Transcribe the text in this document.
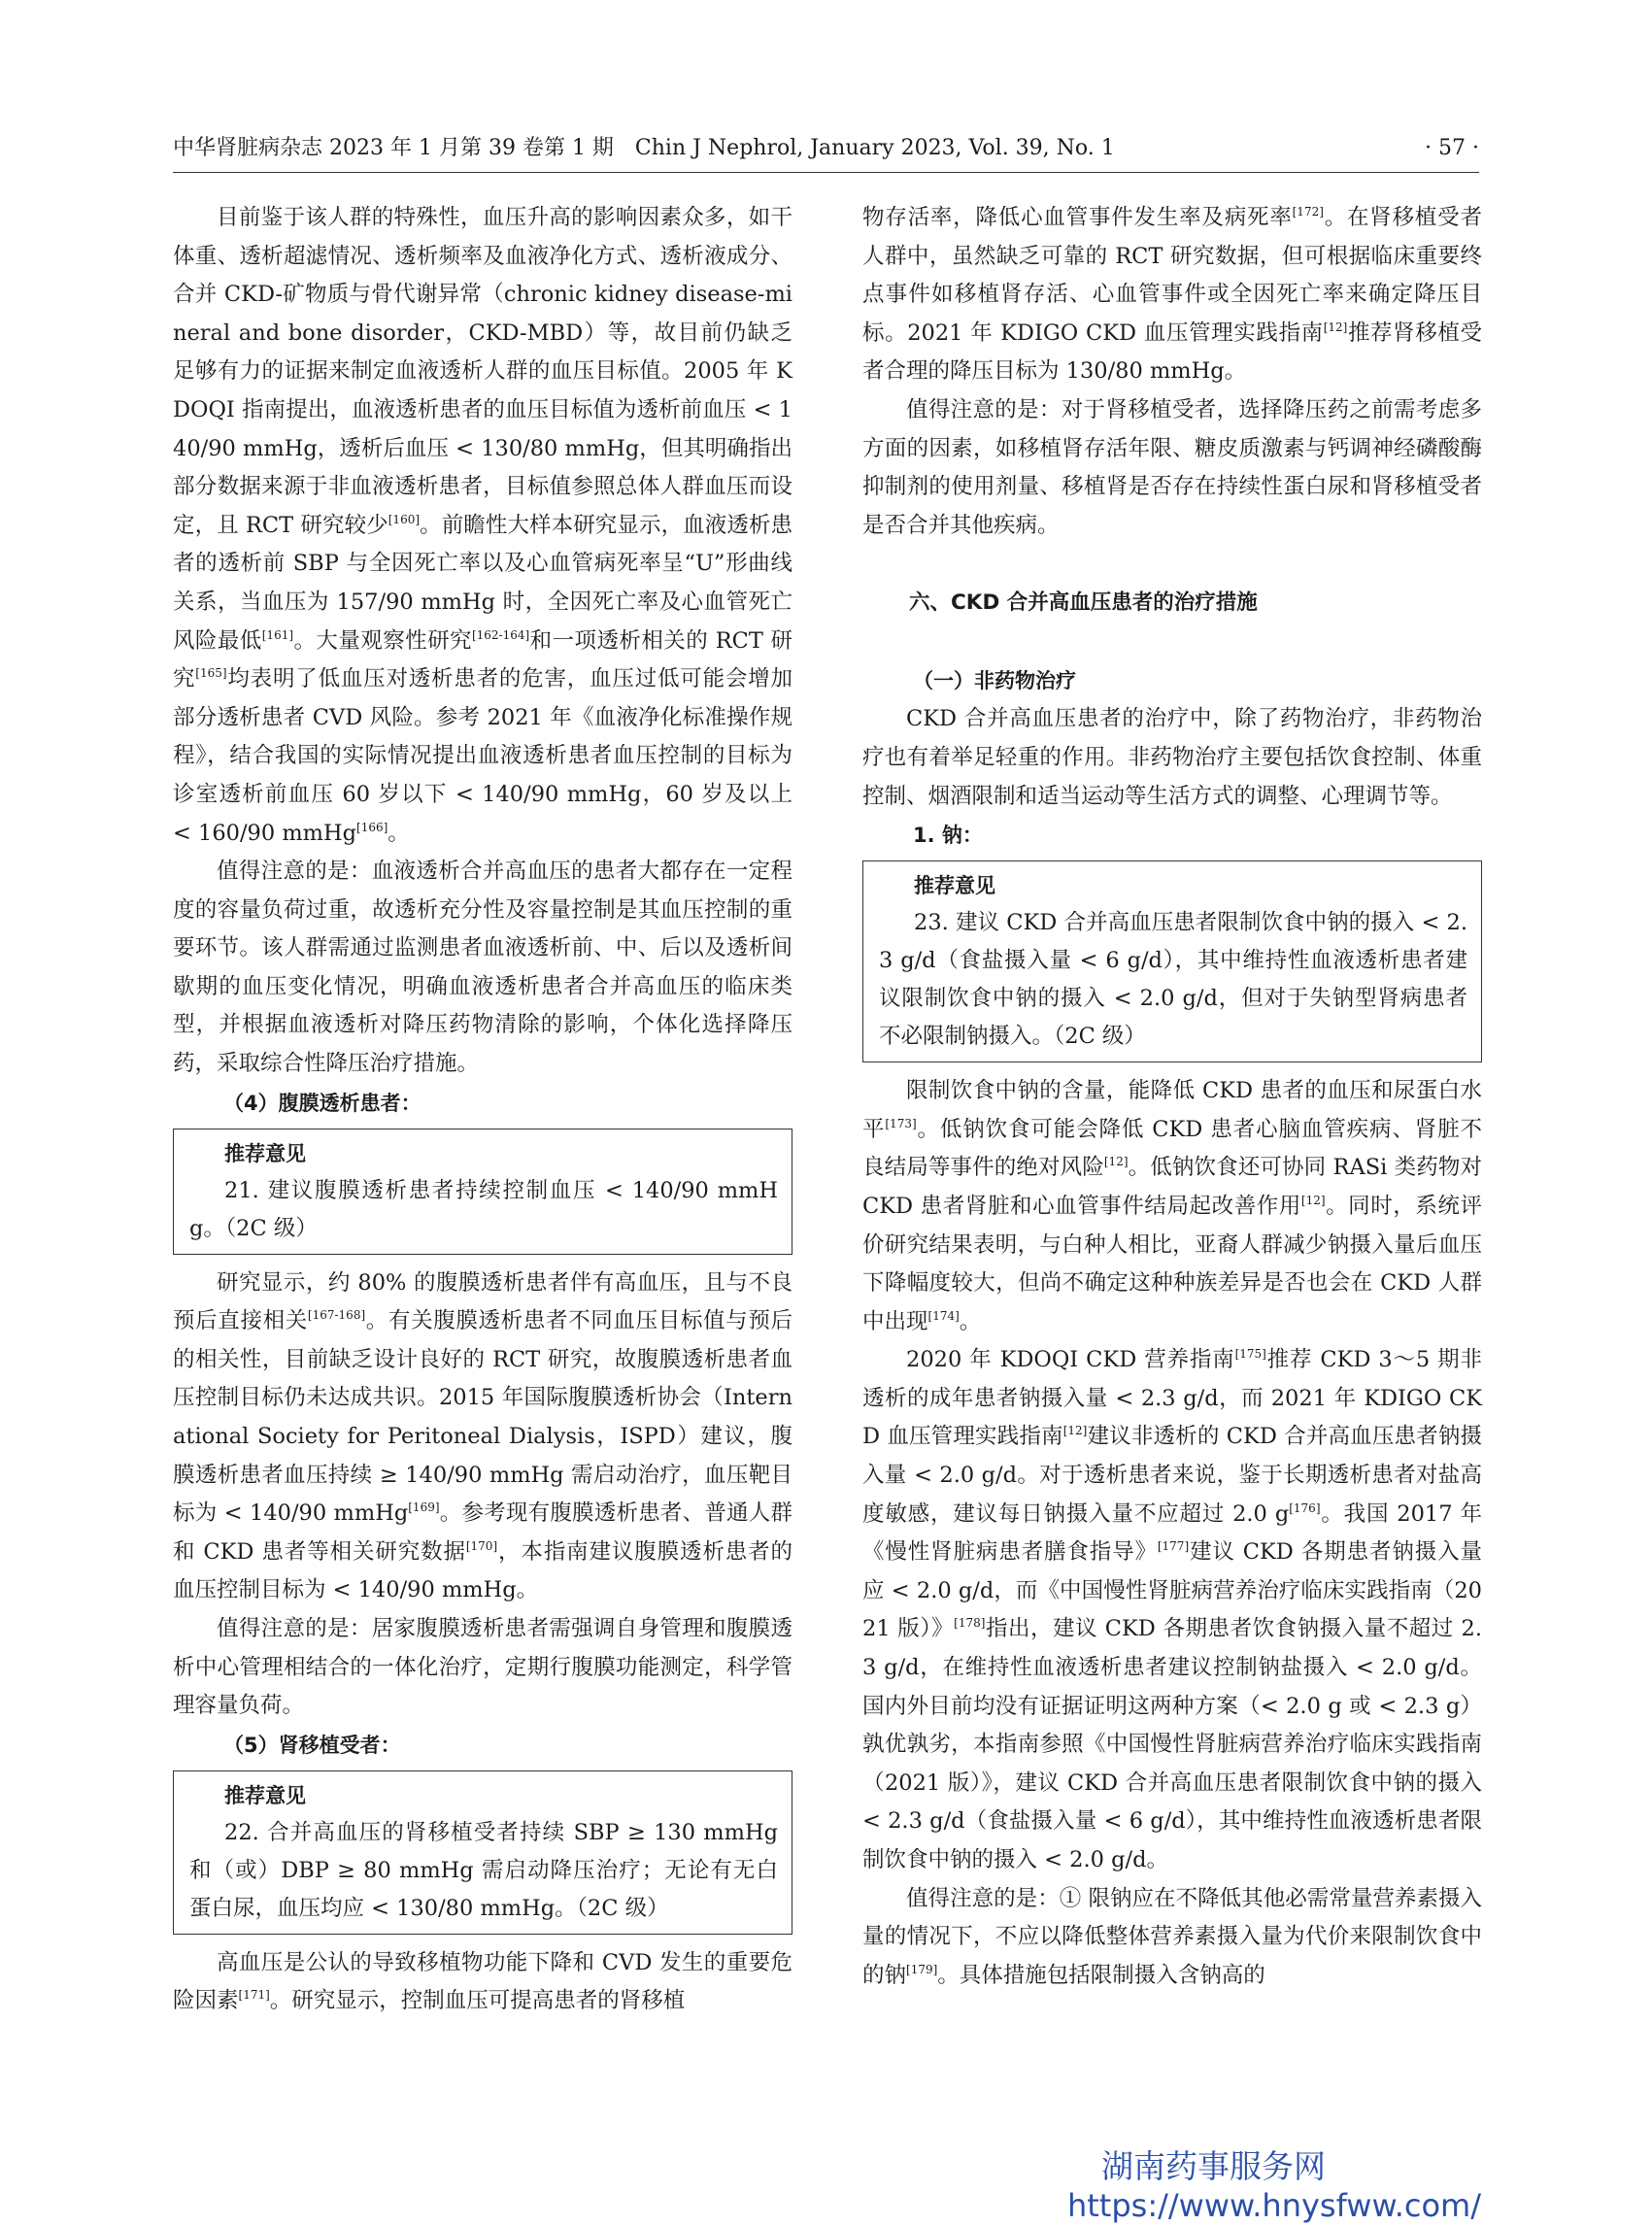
中华肾脏病杂志 2023 年 1 月第 39 卷第 1 期　Chin J Nephrol, January 2023, Vol. 39, No. 1	· 57 ·

目前鉴于该人群的特殊性，血压升高的影响因素众多，如干体重、透析超滤情况、透析频率及血液净化方式、透析液成分、合并 CKD-矿物质与骨代谢异常（chronic kidney disease-mineral and bone disorder，CKD-MBD）等，故目前仍缺乏足够有力的证据来制定血液透析人群的血压目标值。2005 年 KDOQI 指南提出，血液透析患者的血压目标值为透析前血压 < 140/90 mmHg，透析后血压 < 130/80 mmHg，但其明确指出部分数据来源于非血液透析患者，目标值参照总体人群血压而设定，且 RCT 研究较少[160]。前瞻性大样本研究显示，血液透析患者的透析前 SBP 与全因死亡率以及心血管病死率呈“U”形曲线关系，当血压为 157/90 mmHg 时，全因死亡率及心血管死亡风险最低[161]。大量观察性研究[162-164]和一项透析相关的 RCT 研究[165]均表明了低血压对透析患者的危害，血压过低可能会增加部分透析患者 CVD 风险。参考 2021 年《血液净化标准操作规程》，结合我国的实际情况提出血液透析患者血压控制的目标为诊室透析前血压 60 岁以下 < 140/90 mmHg，60 岁及以上 < 160/90 mmHg[166]。

值得注意的是：血液透析合并高血压的患者大都存在一定程度的容量负荷过重，故透析充分性及容量控制是其血压控制的重要环节。该人群需通过监测患者血液透析前、中、后以及透析间歇期的血压变化情况，明确血液透析患者合并高血压的临床类型，并根据血液透析对降压药物清除的影响，个体化选择降压药，采取综合性降压治疗措施。

（4）腹膜透析患者：
推荐意见
21. 建议腹膜透析患者持续控制血压 < 140/90 mmHg。（2C 级）

研究显示，约 80% 的腹膜透析患者伴有高血压，且与不良预后直接相关[167-168]。有关腹膜透析患者不同血压目标值与预后的相关性，目前缺乏设计良好的 RCT 研究，故腹膜透析患者血压控制目标仍未达成共识。2015 年国际腹膜透析协会（International Society for Peritoneal Dialysis，ISPD）建议，腹膜透析患者血压持续 ≥ 140/90 mmHg 需启动治疗，血压靶目标为 < 140/90 mmHg[169]。参考现有腹膜透析患者、普通人群和 CKD 患者等相关研究数据[170]，本指南建议腹膜透析患者的血压控制目标为 < 140/90 mmHg。

值得注意的是：居家腹膜透析患者需强调自身管理和腹膜透析中心管理相结合的一体化治疗，定期行腹膜功能测定，科学管理容量负荷。

（5）肾移植受者：
推荐意见
22. 合并高血压的肾移植受者持续 SBP ≥ 130 mmHg 和（或）DBP ≥ 80 mmHg 需启动降压治疗；无论有无白蛋白尿，血压均应 < 130/80 mmHg。（2C 级）

高血压是公认的导致移植物功能下降和 CVD 发生的重要危险因素[171]。研究显示，控制血压可提高患者的肾移植

物存活率，降低心血管事件发生率及病死率[172]。在肾移植受者人群中，虽然缺乏可靠的 RCT 研究数据，但可根据临床重要终点事件如移植肾存活、心血管事件或全因死亡率来确定降压目标。2021 年 KDIGO CKD 血压管理实践指南[12]推荐肾移植受者合理的降压目标为 130/80 mmHg。

值得注意的是：对于肾移植受者，选择降压药之前需考虑多方面的因素，如移植肾存活年限、糖皮质激素与钙调神经磷酸酶抑制剂的使用剂量、移植肾是否存在持续性蛋白尿和肾移植受者是否合并其他疾病。

六、CKD 合并高血压患者的治疗措施
（一）非药物治疗

CKD 合并高血压患者的治疗中，除了药物治疗，非药物治疗也有着举足轻重的作用。非药物治疗主要包括饮食控制、体重控制、烟酒限制和适当运动等生活方式的调整、心理调节等。

1. 钠：
推荐意见
23. 建议 CKD 合并高血压患者限制饮食中钠的摄入 < 2.3 g/d（食盐摄入量 < 6 g/d），其中维持性血液透析患者建议限制饮食中钠的摄入 < 2.0 g/d，但对于失钠型肾病患者不必限制钠摄入。（2C 级）

限制饮食中钠的含量，能降低 CKD 患者的血压和尿蛋白水平[173]。低钠饮食可能会降低 CKD 患者心脑血管疾病、肾脏不良结局等事件的绝对风险[12]。低钠饮食还可协同 RASi 类药物对 CKD 患者肾脏和心血管事件结局起改善作用[12]。同时，系统评价研究结果表明，与白种人相比，亚裔人群减少钠摄入量后血压下降幅度较大，但尚不确定这种种族差异是否也会在 CKD 人群中出现[174]。

2020 年 KDOQI CKD 营养指南[175]推荐 CKD 3～5 期非透析的成年患者钠摄入量 < 2.3 g/d，而 2021 年 KDIGO CKD 血压管理实践指南[12]建议非透析的 CKD 合并高血压患者钠摄入量 < 2.0 g/d。对于透析患者来说，鉴于长期透析患者对盐高度敏感，建议每日钠摄入量不应超过 2.0 g[176]。我国 2017 年《慢性肾脏病患者膳食指导》[177]建议 CKD 各期患者钠摄入量应 < 2.0 g/d，而《中国慢性肾脏病营养治疗临床实践指南（2021 版）》[178]指出，建议 CKD 各期患者饮食钠摄入量不超过 2.3 g/d，在维持性血液透析患者建议控制钠盐摄入 < 2.0 g/d。国内外目前均没有证据证明这两种方案（< 2.0 g 或 < 2.3 g）孰优孰劣，本指南参照《中国慢性肾脏病营养治疗临床实践指南（2021 版）》，建议 CKD 合并高血压患者限制饮食中钠的摄入 < 2.3 g/d（食盐摄入量 < 6 g/d），其中维持性血液透析患者限制饮食中钠的摄入 < 2.0 g/d。

值得注意的是：① 限钠应在不降低其他必需常量营养素摄入量的情况下，不应以降低整体营养素摄入量为代价来限制饮食中的钠[179]。具体措施包括限制摄入含钠高的

湖南药事服务网
https://www.hnysfww.com/
